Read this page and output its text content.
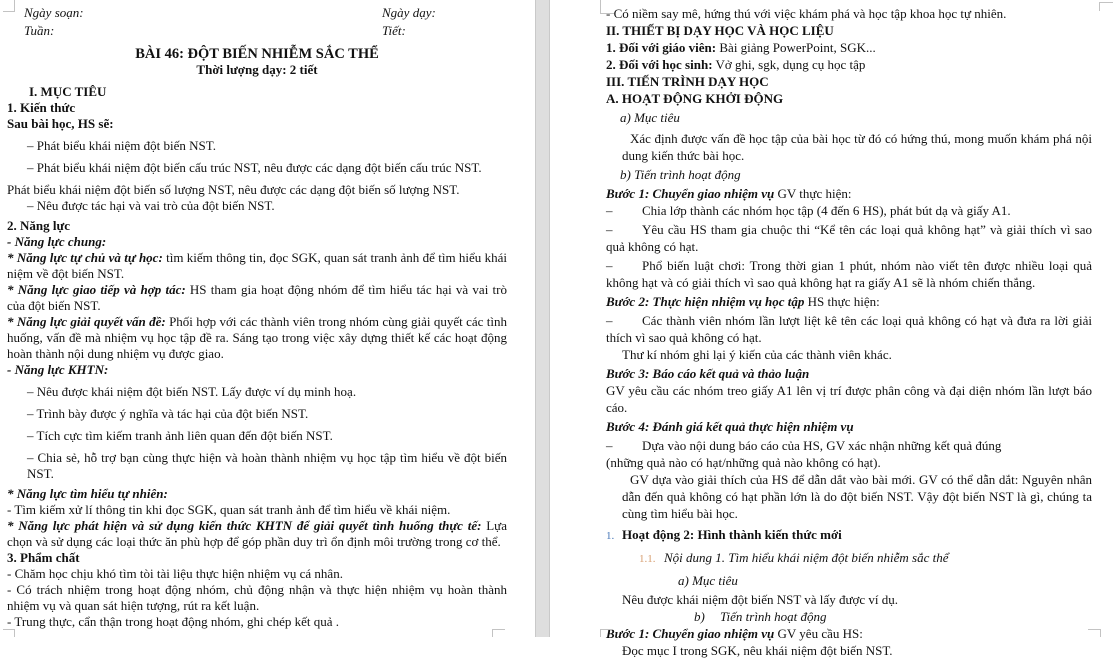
Ngày soạn:	Ngày dạy:
Tuần:	Tiết:

BÀI 46: ĐỘT BIẾN NHIỄM SẮC THỂ

Thời lượng dạy: 2 tiết

I. MỤC TIÊU

1. Kiến thức

Sau bài học, HS sẽ:

– Phát biểu khái niệm đột biến NST.

– Phát biểu khái niệm đột biến cấu trúc NST, nêu được các dạng đột biến cấu trúc NST.

Phát biểu khái niệm đột biến số lượng NST, nêu được các dạng đột biến số lượng NST.

– Nêu được tác hại và vai trò của đột biến NST.

2. Năng lực

- Năng lực chung:

* Năng lực tự chủ và tự học: tìm kiếm thông tin, đọc SGK, quan sát tranh ảnh để tìm hiểu khái niệm về đột biến NST.

* Năng lực giao tiếp và hợp tác: HS tham gia hoạt động nhóm để tìm hiểu tác hại và vai trò của đột biến NST.

* Năng lực giải quyết vấn đề: Phối hợp với các thành viên trong nhóm cùng giải quyết các tình huống, vấn đề mà nhiệm vụ học tập đề ra. Sáng tạo trong việc xây dựng thiết kế các hoạt động hoàn thành nội dung nhiệm vụ được giao.

- Năng lực KHTN:

– Nêu được khái niệm đột biến NST. Lấy được ví dụ minh hoạ.

– Trình bày được ý nghĩa và tác hại của đột biến NST.

– Tích cực tìm kiếm tranh ảnh liên quan đến đột biến NST.

– Chia sẻ, hỗ trợ bạn cùng thực hiện và hoàn thành nhiệm vụ học tập tìm hiểu về đột biến NST.

* Năng lực tìm hiểu tự nhiên:

- Tìm kiếm xử lí thông tin khi đọc SGK, quan sát tranh ảnh để tìm hiểu về khái niệm.

* Năng lực phát hiện và sử dụng kiến thức KHTN để giải quyết tình huống thực tế: Lựa chọn và sử dụng các loại thức ăn phù hợp để góp phần duy trì ổn định môi trường trong cơ thể.

3. Phẩm chất

- Chăm học chịu khó tìm tòi tài liệu thực hiện nhiệm vụ cá nhân.

- Có trách nhiệm trong hoạt động nhóm, chủ động nhận và thực hiện nhiệm vụ hoàn thành nhiệm vụ và quan sát hiện tượng, rút ra kết luận.

- Trung thực, cẩn thận trong hoạt động nhóm, ghi chép kết quả .

- Có niềm say mê, hứng thú với việc khám phá và học tập khoa học tự nhiên.

II. THIẾT BỊ DẠY HỌC VÀ HỌC LIỆU

1. Đối với giáo viên: Bài giảng PowerPoint, SGK...

2. Đối với học sinh: Vở ghi, sgk, dụng cụ học tập

III. TIẾN TRÌNH DẠY HỌC

A. HOẠT ĐỘNG KHỞI ĐỘNG

a) Mục tiêu

Xác định được vấn đề học tập của bài học từ đó có hứng thú, mong muốn khám phá nội dung kiến thức bài học.

b) Tiến trình hoạt động

Bước 1: Chuyển giao nhiệm vụ GV thực hiện:

– Chia lớp thành các nhóm học tập (4 đến 6 HS), phát bút dạ và giấy A1.

– Yêu cầu HS tham gia chuộc thi “Kể tên các loại quả không hạt” và giải thích vì sao quả không có hạt.

– Phổ biến luật chơi: Trong thời gian 1 phút, nhóm nào viết tên được nhiều loại quả không hạt và có giải thích vì sao quả không hạt ra giấy A1 sẽ là nhóm chiến thắng.

Bước 2: Thực hiện nhiệm vụ học tập HS thực hiện:

– Các thành viên nhóm lần lượt liệt kê tên các loại quả không có hạt và đưa ra lời giải thích vì sao quả không có hạt.

Thư kí nhóm ghi lại ý kiến của các thành viên khác.

Bước 3: Báo cáo kết quả và thảo luận

GV yêu cầu các nhóm treo giấy A1 lên vị trí được phân công và đại diện nhóm lần lượt báo cáo.

Bước 4: Đánh giá kết quả thực hiện nhiệm vụ

– Dựa vào nội dung báo cáo của HS, GV xác nhận những kết quả đúng

(những quả nào có hạt/những quả nào không có hạt).

GV dựa vào giải thích của HS để dẫn dắt vào bài mới. GV có thể dẫn dắt: Nguyên nhân dẫn đến quả không có hạt phần lớn là do đột biến NST. Vậy đột biến NST là gì, chúng ta cùng tìm hiểu bài học.

1. Hoạt động 2: Hình thành kiến thức mới

1.1. Nội dung 1. Tìm hiểu khái niệm đột biến nhiễm sắc thể

a) Mục tiêu

Nêu được khái niệm đột biến NST và lấy được ví dụ.

b) Tiến trình hoạt động

Bước 1: Chuyển giao nhiệm vụ GV yêu cầu HS:

Đọc mục I trong SGK, nêu khái niệm đột biến NST.
